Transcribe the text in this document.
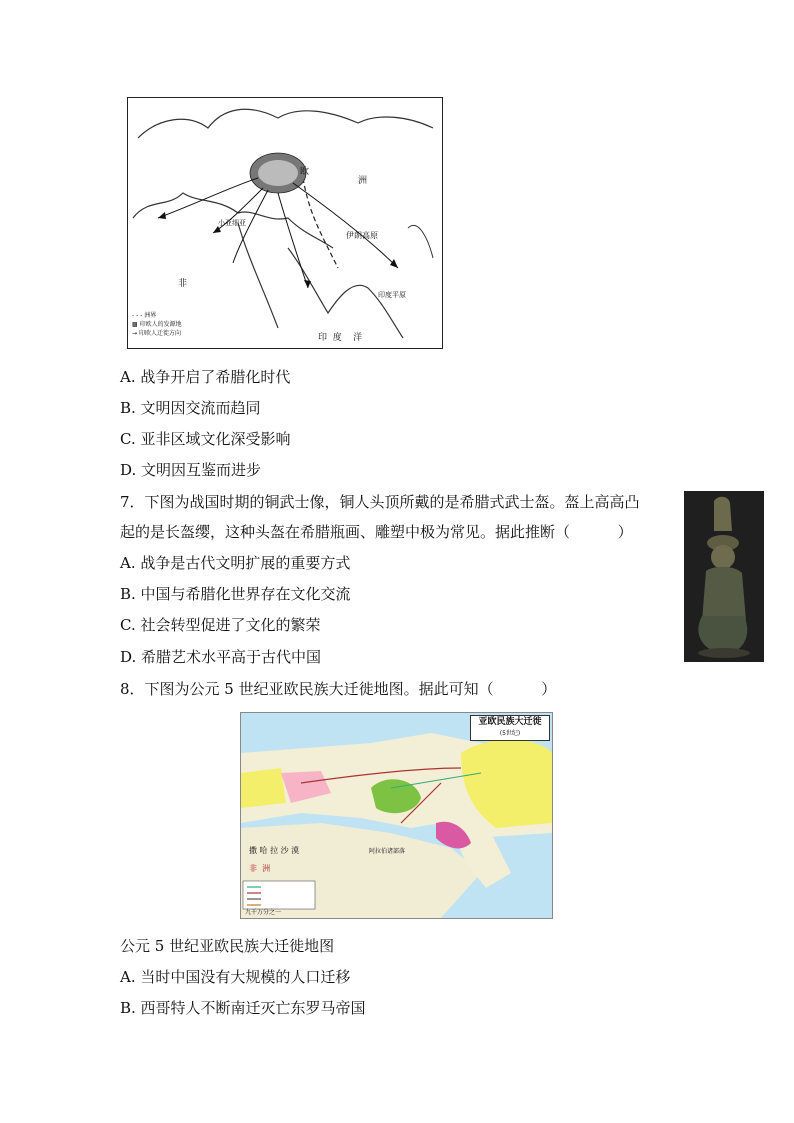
欧
洲
伊朗高原
小亚细亚
印度平原
非
印  度    洋
- - - 洲界
▩ 印欧人的发源地
→ 印欧人迁徙方向
A. 战争开启了希腊化时代
B. 文明因交流而趋同
C. 亚非区域文化深受影响
D. 文明因互鉴而进步
7．下图为战国时期的铜武士像，铜人头顶所戴的是希腊式武士盔。盔上高高凸
起的是长盔缨，这种头盔在希腊瓶画、雕塑中极为常见。据此推断（          ）
A. 战争是古代文明扩展的重要方式
B. 中国与希腊化世界存在文化交流
C. 社会转型促进了文化的繁荣
D. 希腊艺术水平高于古代中国
8．下图为公元 5 世纪亚欧民族大迁徙地图。据此可知（          ）
亚欧民族大迁徙
(5世纪)
撒 哈 拉 沙 漠
非  洲
阿拉伯诸部落
九千万分之一
公元 5 世纪亚欧民族大迁徙地图
A. 当时中国没有大规模的人口迁移
B. 西哥特人不断南迁灭亡东罗马帝国
